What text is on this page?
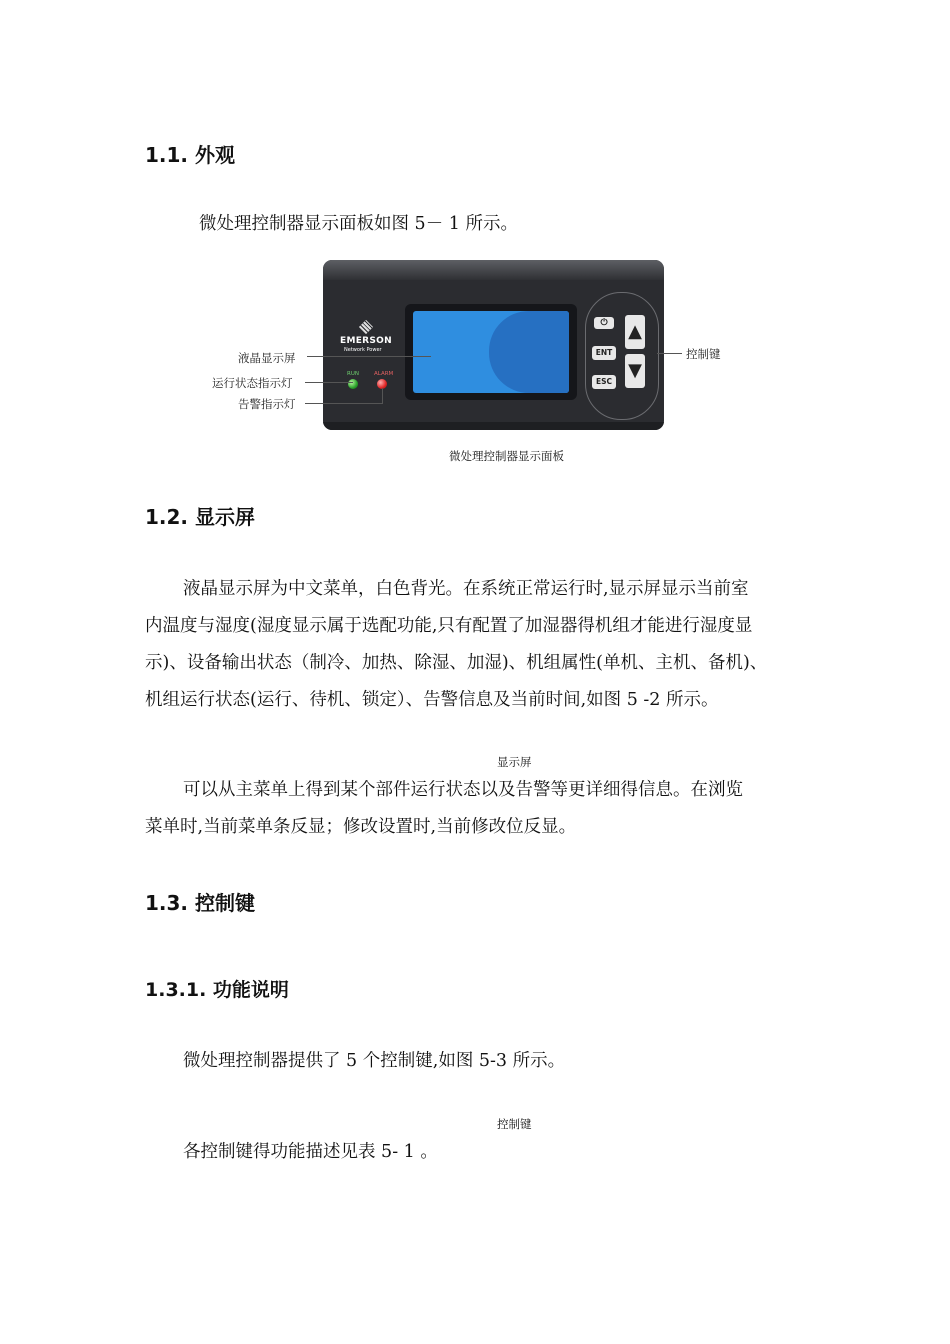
1.1. 外观
微处理控制器显示面板如图 5－ 1 所示。
EMERSON
Network Power
RUN	ALARM
⏻
ENT
ESC
▲
▼
液晶显示屏
运行状态指示灯
告警指示灯
控制键
微处理控制器显示面板
1.2. 显示屏
液晶显示屏为中文菜单，白色背光。在系统正常运行时,显示屏显示当前室
内温度与湿度(湿度显示属于选配功能,只有配置了加湿器得机组才能进行湿度显
示)、设备输出状态（制冷、加热、除湿、加湿)、机组属性(单机、主机、备机)、
机组运行状态(运行、待机、锁定）、告警信息及当前时间,如图 5 -2 所示。
显示屏
可以从主菜单上得到某个部件运行状态以及告警等更详细得信息。在浏览
菜单时,当前菜单条反显；修改设置时,当前修改位反显。
1.3. 控制键
1.3.1. 功能说明
微处理控制器提供了 5 个控制键,如图 5-3 所示。
控制键
各控制键得功能描述见表 5- 1 。
